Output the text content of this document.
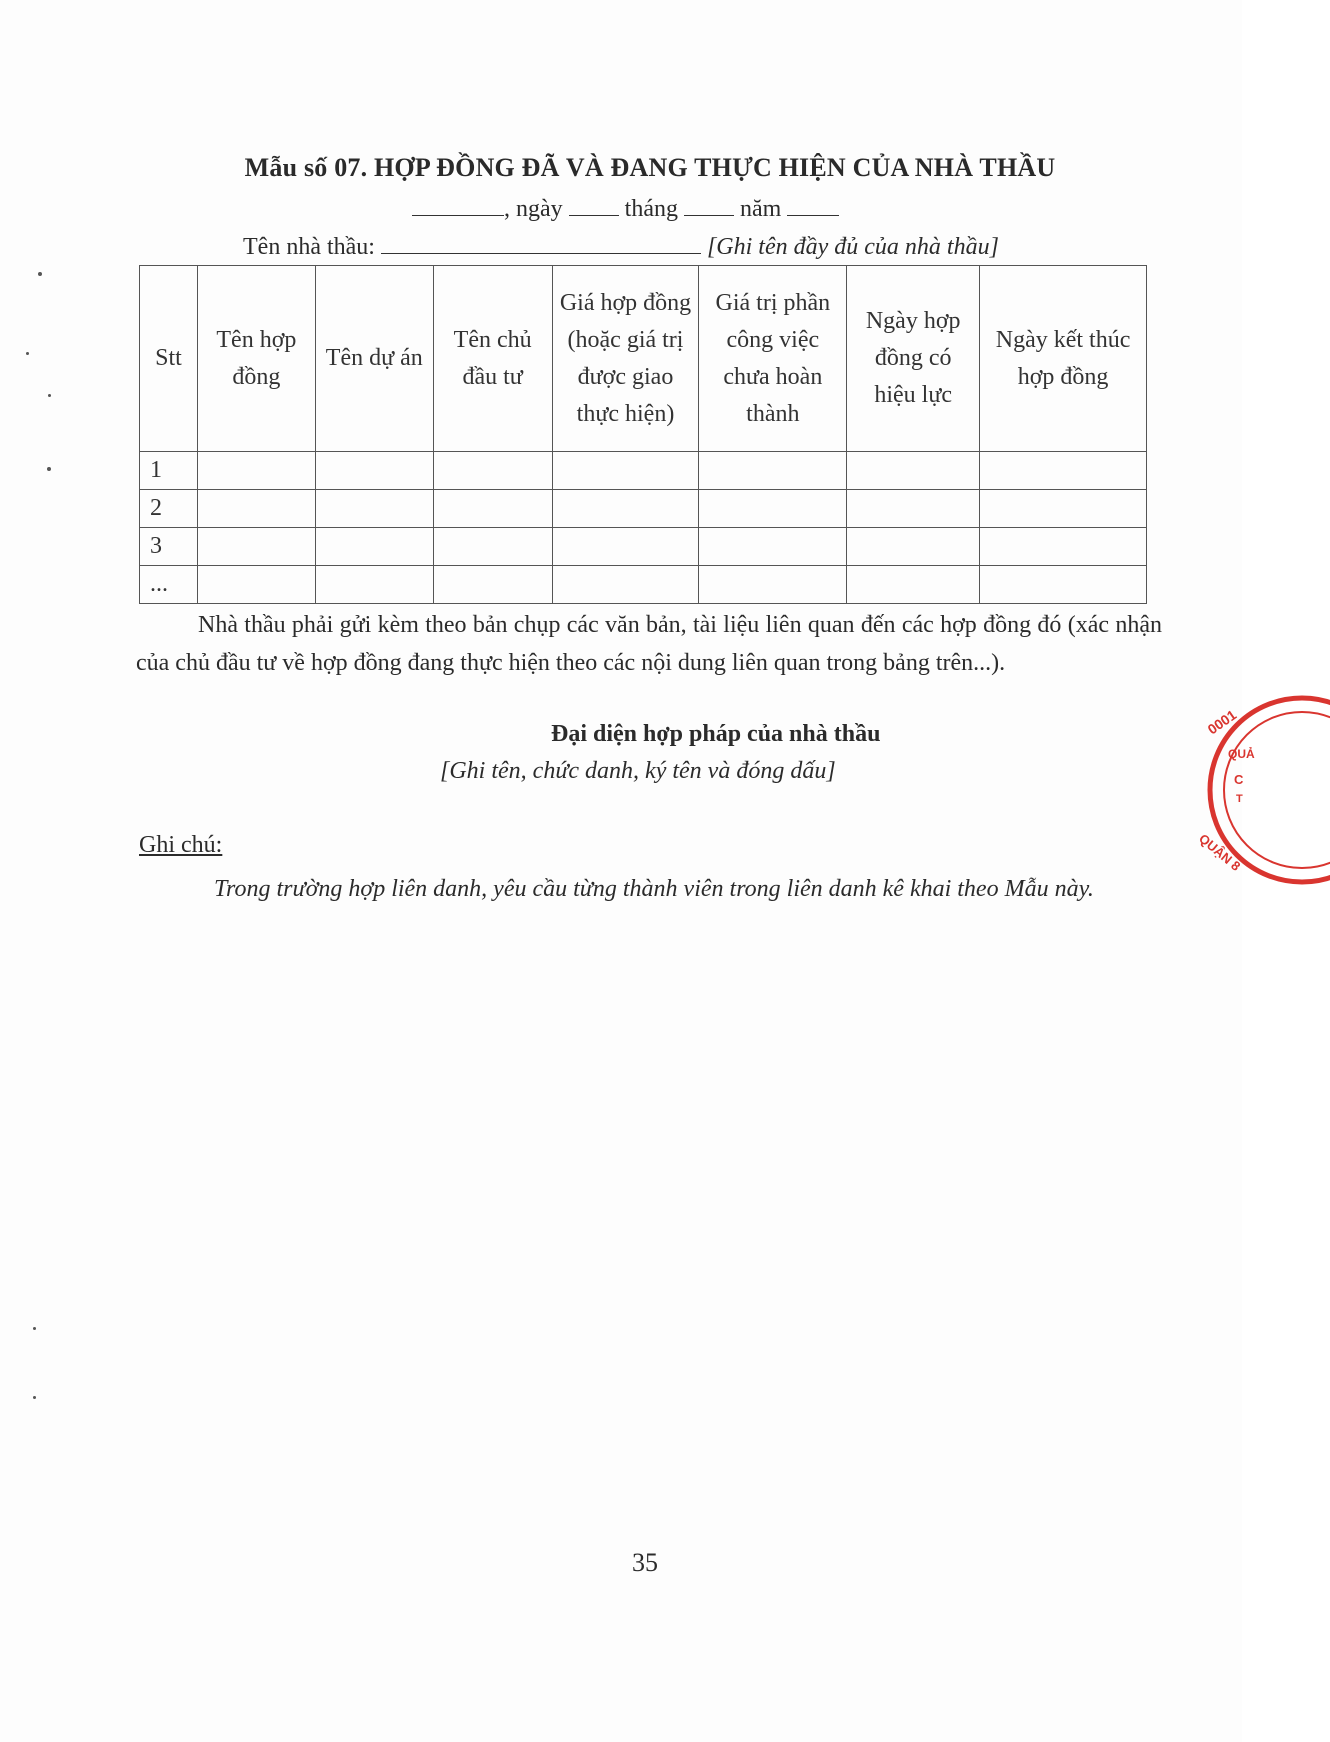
Mẫu số 07. HỢP ĐỒNG ĐÃ VÀ ĐANG THỰC HIỆN CỦA NHÀ THẦU
, ngày	tháng	năm
Tên nhà thầu:	[Ghi tên đầy đủ của nhà thầu]
Stt	Tên hợp đồng	Tên dự án	Tên chủ đầu tư	Giá hợp đồng (hoặc giá trị được giao thực hiện)	Giá trị phần công việc chưa hoàn thành	Ngày hợp đồng có hiệu lực	Ngày kết thúc hợp đồng
1							
2							
3							
...							

Nhà thầu phải gửi kèm theo bản chụp các văn bản, tài liệu liên quan đến các hợp đồng đó (xác nhận của chủ đầu tư về hợp đồng đang thực hiện theo các nội dung liên quan trong bảng trên...).

Đại diện hợp pháp của nhà thầu
[Ghi tên, chức danh, ký tên và đóng dấu]
Ghi chú:

Trong trường hợp liên danh, yêu cầu từng thành viên trong liên danh kê khai theo Mẫu này.

35
0001
QUẢ
C
T
QUẬN 8
